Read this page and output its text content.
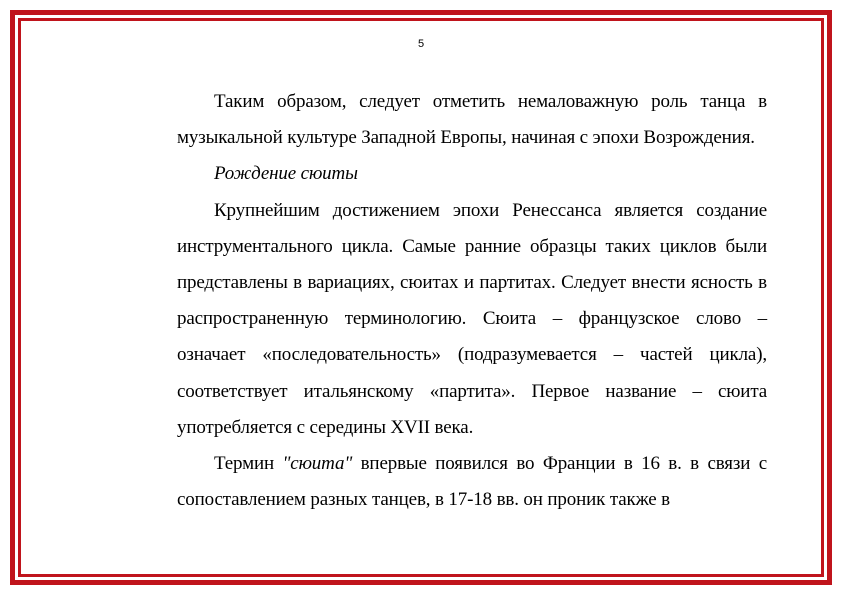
5

Таким образом, следует отметить немаловажную роль танца в музыкальной культуре Западной Европы, начиная с эпохи Возрождения.

Рождение сюиты

Крупнейшим достижением эпохи Ренессанса является создание инструментального цикла. Самые ранние образцы таких циклов были представлены в вариациях, сюитах и партитах. Следует внести ясность в распространенную терминологию. Сюита – французское слово – означает «последовательность» (подразумевается – частей цикла), соответствует итальянскому «партита». Первое название – сюита употребляется с середины XVII века.

Термин "сюита" впервые появился во Франции в 16 в. в связи с сопоставлением разных танцев, в 17-18 вв. он проник также в
